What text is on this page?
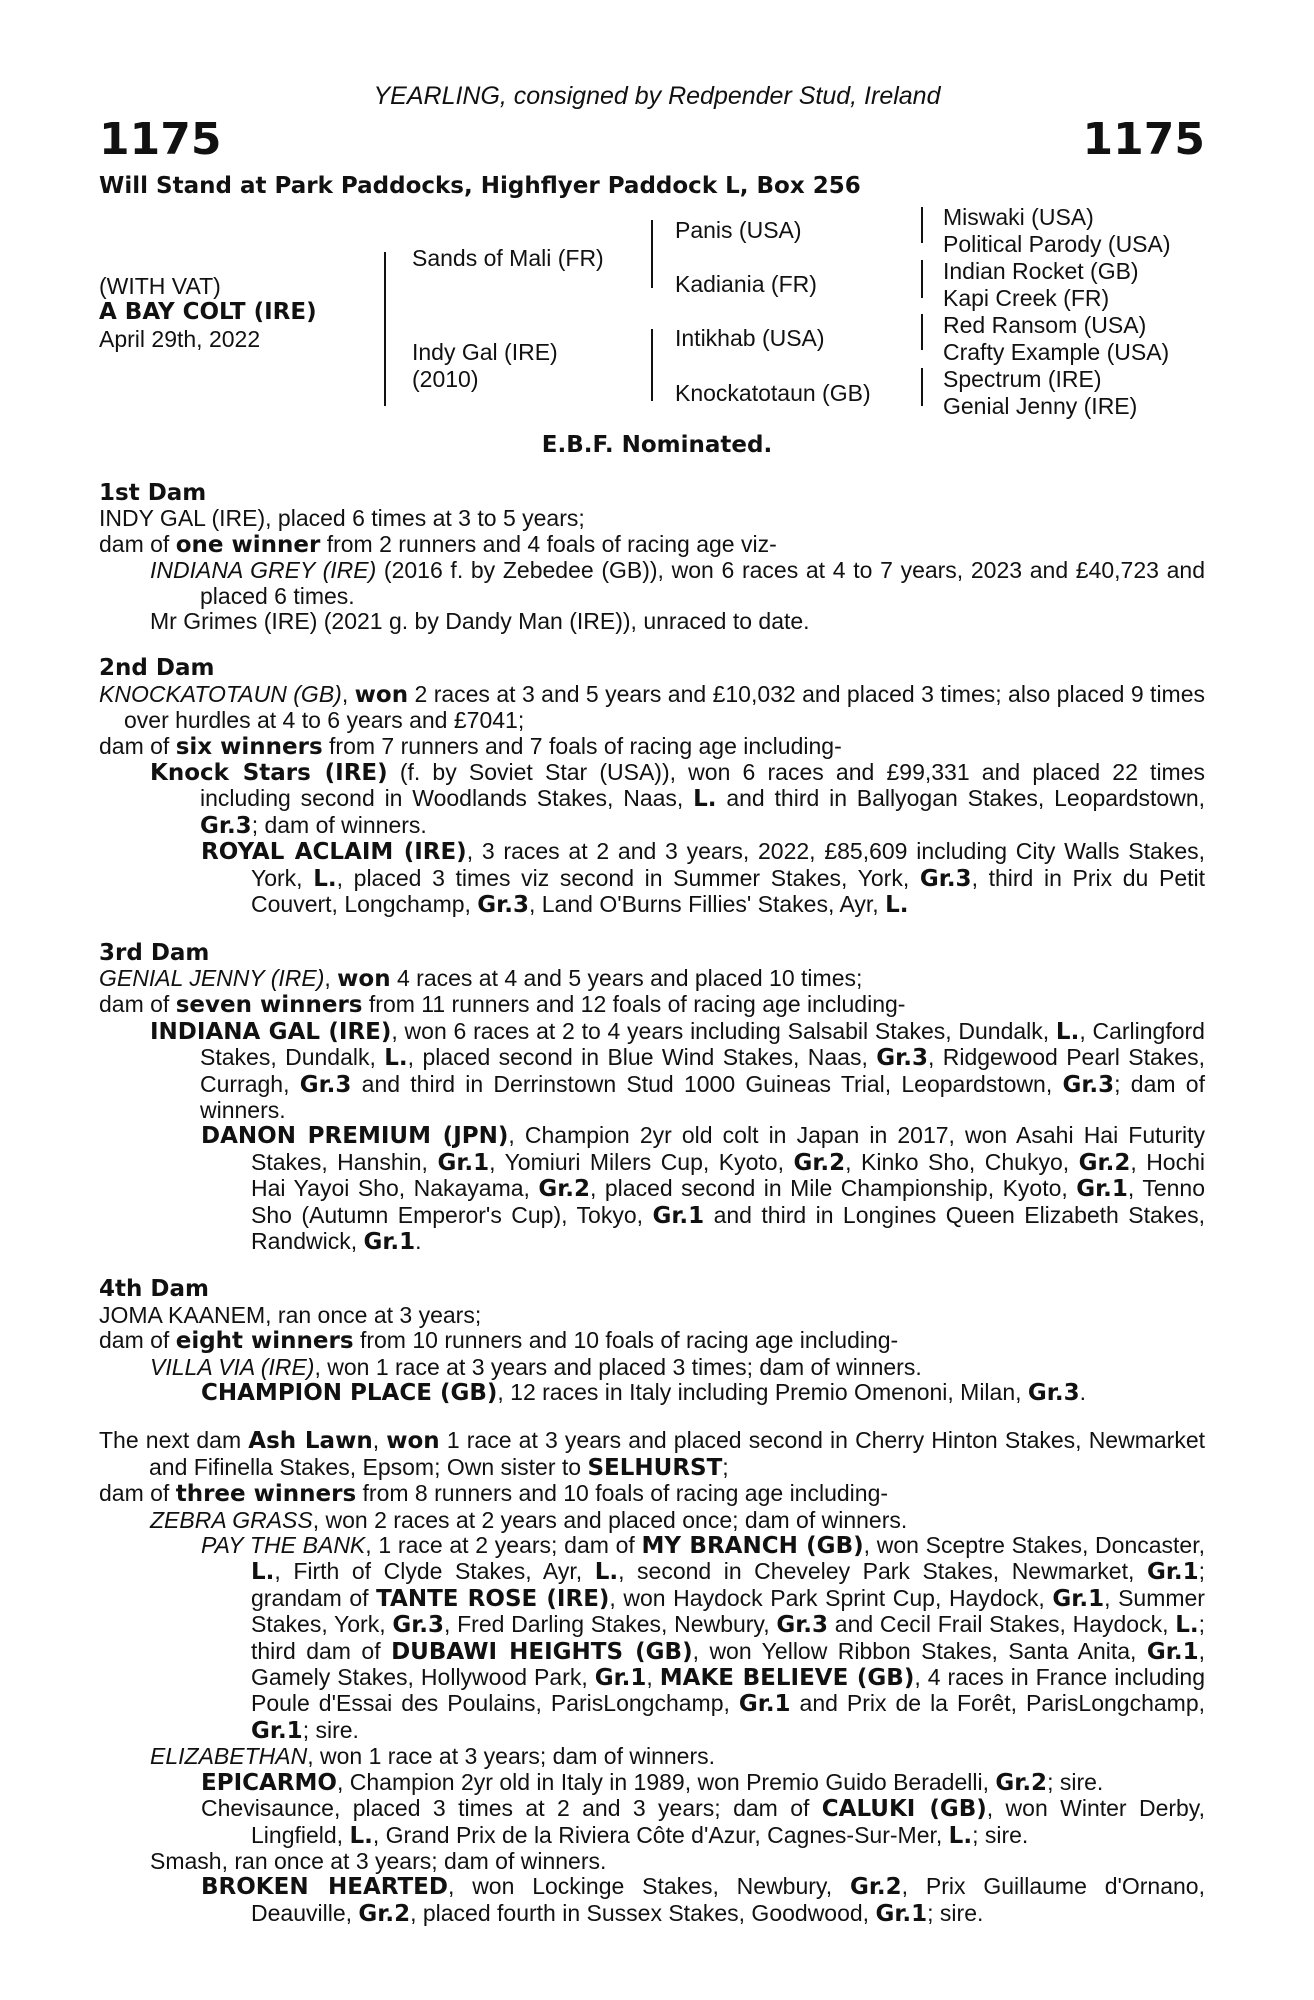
YEARLING, consigned by Redpender Stud, Ireland
1175	1175
Will Stand at Park Paddocks, Highflyer Paddock L, Box 256
(WITH VAT)
A BAY COLT (IRE)
April 29th, 2022
Sands of Mali (FR)
Indy Gal (IRE)
(2010)
Panis (USA)
Kadiania (FR)
Intikhab (USA)
Knockatotaun (GB)
Miswaki (USA)
Political Parody (USA)
Indian Rocket (GB)
Kapi Creek (FR)
Red Ransom (USA)
Crafty Example (USA)
Spectrum (IRE)
Genial Jenny (IRE)
E.B.F. Nominated.
1st Dam

INDY GAL (IRE), placed 6 times at 3 to 5 years;

dam of one winner from 2 runners and 4 foals of racing age viz-

INDIANA GREY (IRE) (2016 f. by Zebedee (GB)), won 6 races at 4 to 7 years, 2023 and £40,723 and placed 6 times.

Mr Grimes (IRE) (2021 g. by Dandy Man (IRE)), unraced to date.

2nd Dam

KNOCKATOTAUN (GB), won 2 races at 3 and 5 years and £10,032 and placed 3 times; also placed 9 times over hurdles at 4 to 6 years and £7041;

dam of six winners from 7 runners and 7 foals of racing age including-

Knock Stars (IRE) (f. by Soviet Star (USA)), won 6 races and £99,331 and placed 22 times including second in Woodlands Stakes, Naas, L. and third in Ballyogan Stakes, Leopardstown, Gr.3; dam of winners.

ROYAL ACLAIM (IRE), 3 races at 2 and 3 years, 2022, £85,609 including City Walls Stakes, York, L., placed 3 times viz second in Summer Stakes, York, Gr.3, third in Prix du Petit Couvert, Longchamp, Gr.3, Land O'Burns Fillies' Stakes, Ayr, L.

3rd Dam

GENIAL JENNY (IRE), won 4 races at 4 and 5 years and placed 10 times;

dam of seven winners from 11 runners and 12 foals of racing age including-

INDIANA GAL (IRE), won 6 races at 2 to 4 years including Salsabil Stakes, Dundalk, L., Carlingford Stakes, Dundalk, L., placed second in Blue Wind Stakes, Naas, Gr.3, Ridgewood Pearl Stakes, Curragh, Gr.3 and third in Derrinstown Stud 1000 Guineas Trial, Leopardstown, Gr.3; dam of winners.

DANON PREMIUM (JPN), Champion 2yr old colt in Japan in 2017, won Asahi Hai Futurity Stakes, Hanshin, Gr.1, Yomiuri Milers Cup, Kyoto, Gr.2, Kinko Sho, Chukyo, Gr.2, Hochi Hai Yayoi Sho, Nakayama, Gr.2, placed second in Mile Championship, Kyoto, Gr.1, Tenno Sho (Autumn Emperor's Cup), Tokyo, Gr.1 and third in Longines Queen Elizabeth Stakes, Randwick, Gr.1.

4th Dam

JOMA KAANEM, ran once at 3 years;

dam of eight winners from 10 runners and 10 foals of racing age including-

VILLA VIA (IRE), won 1 race at 3 years and placed 3 times; dam of winners.

CHAMPION PLACE (GB), 12 races in Italy including Premio Omenoni, Milan, Gr.3.

The next dam Ash Lawn, won 1 race at 3 years and placed second in Cherry Hinton Stakes, Newmarket and Fifinella Stakes, Epsom; Own sister to SELHURST;

dam of three winners from 8 runners and 10 foals of racing age including-

ZEBRA GRASS, won 2 races at 2 years and placed once; dam of winners.

PAY THE BANK, 1 race at 2 years; dam of MY BRANCH (GB), won Sceptre Stakes, Doncaster, L., Firth of Clyde Stakes, Ayr, L., second in Cheveley Park Stakes, Newmarket, Gr.1; grandam of TANTE ROSE (IRE), won Haydock Park Sprint Cup, Haydock, Gr.1, Summer Stakes, York, Gr.3, Fred Darling Stakes, Newbury, Gr.3 and Cecil Frail Stakes, Haydock, L.; third dam of DUBAWI HEIGHTS (GB), won Yellow Ribbon Stakes, Santa Anita, Gr.1, Gamely Stakes, Hollywood Park, Gr.1, MAKE BELIEVE (GB), 4 races in France including Poule d'Essai des Poulains, ParisLongchamp, Gr.1 and Prix de la Forêt, ParisLongchamp, Gr.1; sire.

ELIZABETHAN, won 1 race at 3 years; dam of winners.

EPICARMO, Champion 2yr old in Italy in 1989, won Premio Guido Beradelli, Gr.2; sire.

Chevisaunce, placed 3 times at 2 and 3 years; dam of CALUKI (GB), won Winter Derby, Lingfield, L., Grand Prix de la Riviera Côte d'Azur, Cagnes-Sur-Mer, L.; sire.

Smash, ran once at 3 years; dam of winners.

BROKEN HEARTED, won Lockinge Stakes, Newbury, Gr.2, Prix Guillaume d'Ornano, Deauville, Gr.2, placed fourth in Sussex Stakes, Goodwood, Gr.1; sire.
